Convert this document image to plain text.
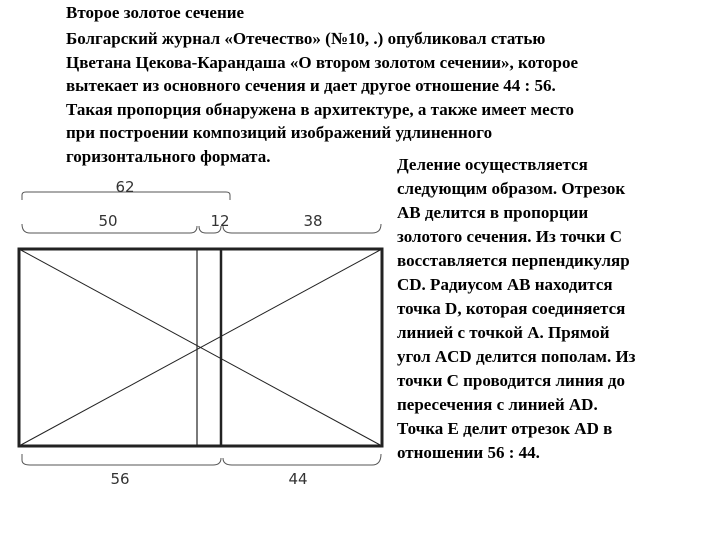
Второе золотое сечение
Болгарский журнал «Отечество» (№10, .) опубликовал статью
Цветана Цекова-Карандаша «О втором золотом сечении», которое
вытекает из основного сечения и дает другое отношение 44 : 56.
Такая пропорция обнаружена в архитектуре, а также имеет место
при построении композиций изображений удлиненного
горизонтального формата.
62
50	12	38
56	44
Деление осуществляется
следующим образом. Отрезок
AB делится в пропорции
золотого сечения. Из точки C
восставляется перпендикуляр
CD. Радиусом AB находится
точка D, которая соединяется
линией с точкой A. Прямой
угол ACD делится пополам. Из
точки C проводится линия до
пересечения с линией AD.
Точка E делит отрезок AD в
отношении 56 : 44.
